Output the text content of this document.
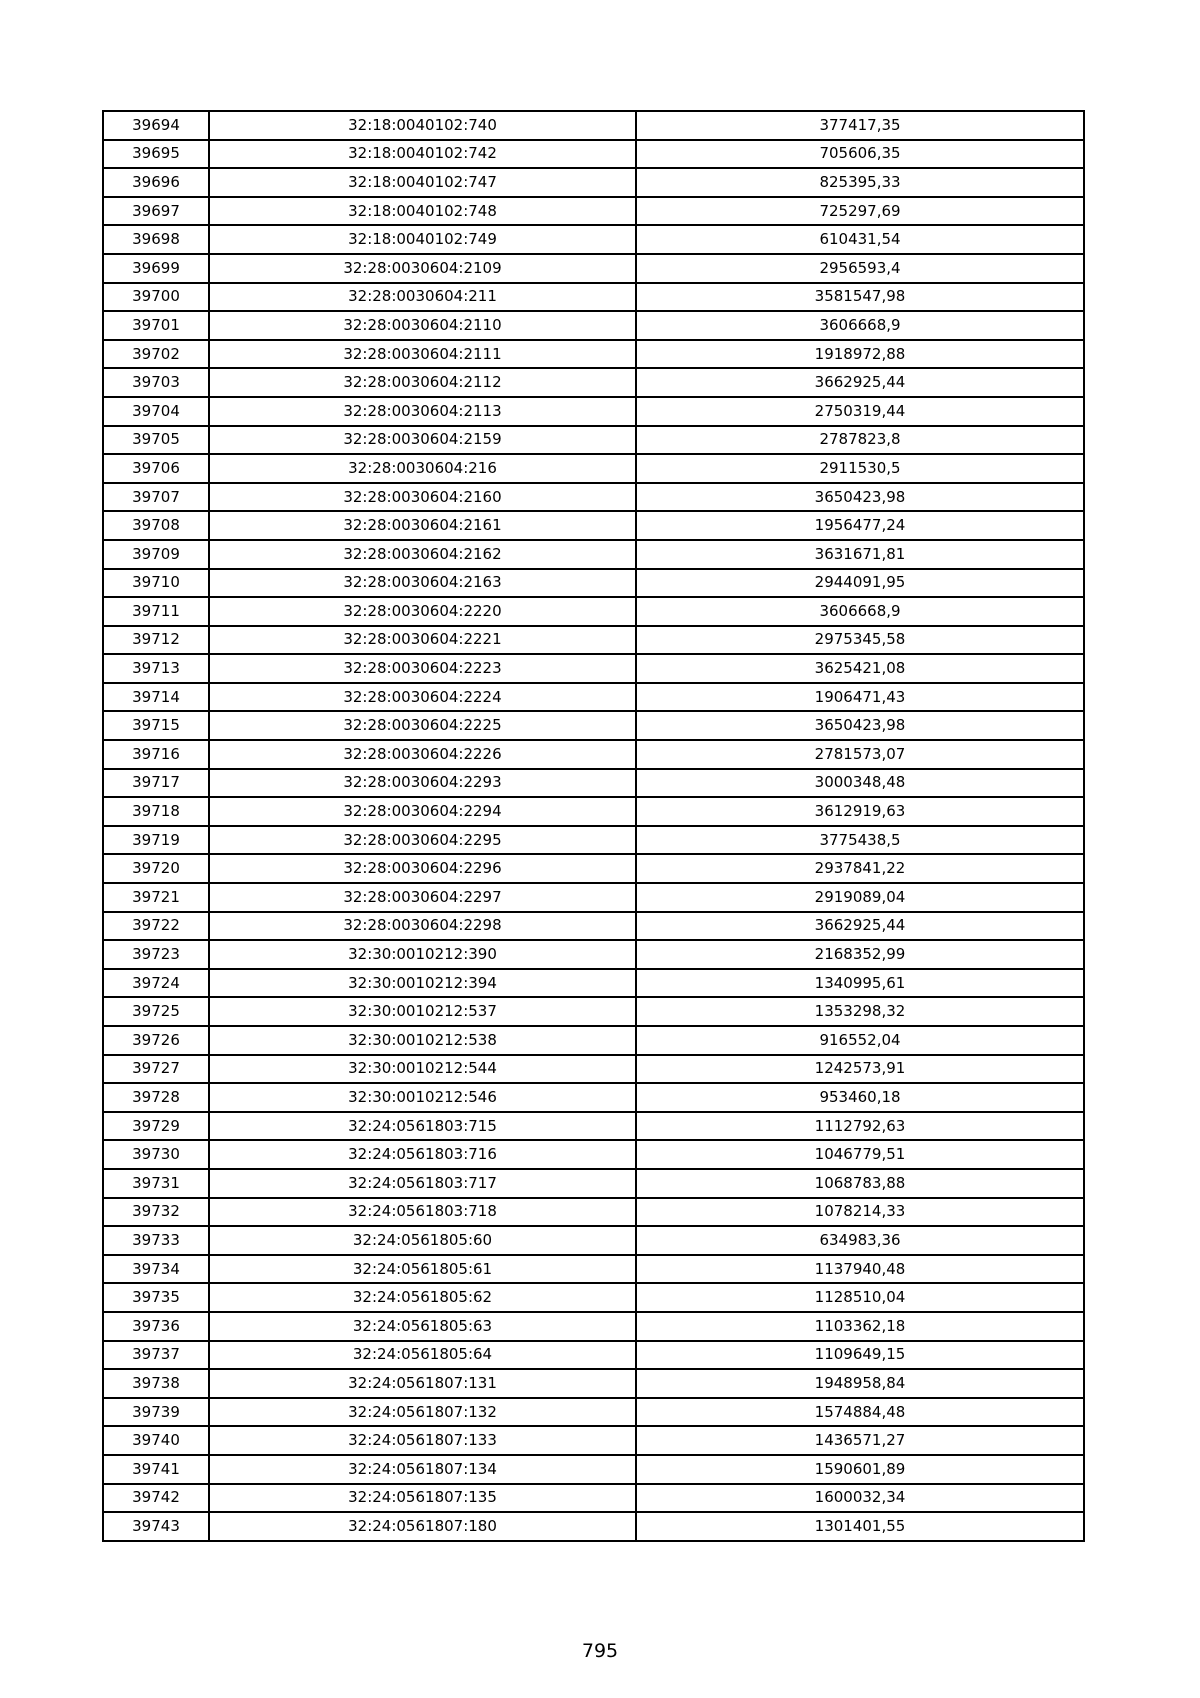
39694	32:18:0040102:740	377417,35
39695	32:18:0040102:742	705606,35
39696	32:18:0040102:747	825395,33
39697	32:18:0040102:748	725297,69
39698	32:18:0040102:749	610431,54
39699	32:28:0030604:2109	2956593,4
39700	32:28:0030604:211	3581547,98
39701	32:28:0030604:2110	3606668,9
39702	32:28:0030604:2111	1918972,88
39703	32:28:0030604:2112	3662925,44
39704	32:28:0030604:2113	2750319,44
39705	32:28:0030604:2159	2787823,8
39706	32:28:0030604:216	2911530,5
39707	32:28:0030604:2160	3650423,98
39708	32:28:0030604:2161	1956477,24
39709	32:28:0030604:2162	3631671,81
39710	32:28:0030604:2163	2944091,95
39711	32:28:0030604:2220	3606668,9
39712	32:28:0030604:2221	2975345,58
39713	32:28:0030604:2223	3625421,08
39714	32:28:0030604:2224	1906471,43
39715	32:28:0030604:2225	3650423,98
39716	32:28:0030604:2226	2781573,07
39717	32:28:0030604:2293	3000348,48
39718	32:28:0030604:2294	3612919,63
39719	32:28:0030604:2295	3775438,5
39720	32:28:0030604:2296	2937841,22
39721	32:28:0030604:2297	2919089,04
39722	32:28:0030604:2298	3662925,44
39723	32:30:0010212:390	2168352,99
39724	32:30:0010212:394	1340995,61
39725	32:30:0010212:537	1353298,32
39726	32:30:0010212:538	916552,04
39727	32:30:0010212:544	1242573,91
39728	32:30:0010212:546	953460,18
39729	32:24:0561803:715	1112792,63
39730	32:24:0561803:716	1046779,51
39731	32:24:0561803:717	1068783,88
39732	32:24:0561803:718	1078214,33
39733	32:24:0561805:60	634983,36
39734	32:24:0561805:61	1137940,48
39735	32:24:0561805:62	1128510,04
39736	32:24:0561805:63	1103362,18
39737	32:24:0561805:64	1109649,15
39738	32:24:0561807:131	1948958,84
39739	32:24:0561807:132	1574884,48
39740	32:24:0561807:133	1436571,27
39741	32:24:0561807:134	1590601,89
39742	32:24:0561807:135	1600032,34
39743	32:24:0561807:180	1301401,55
795
